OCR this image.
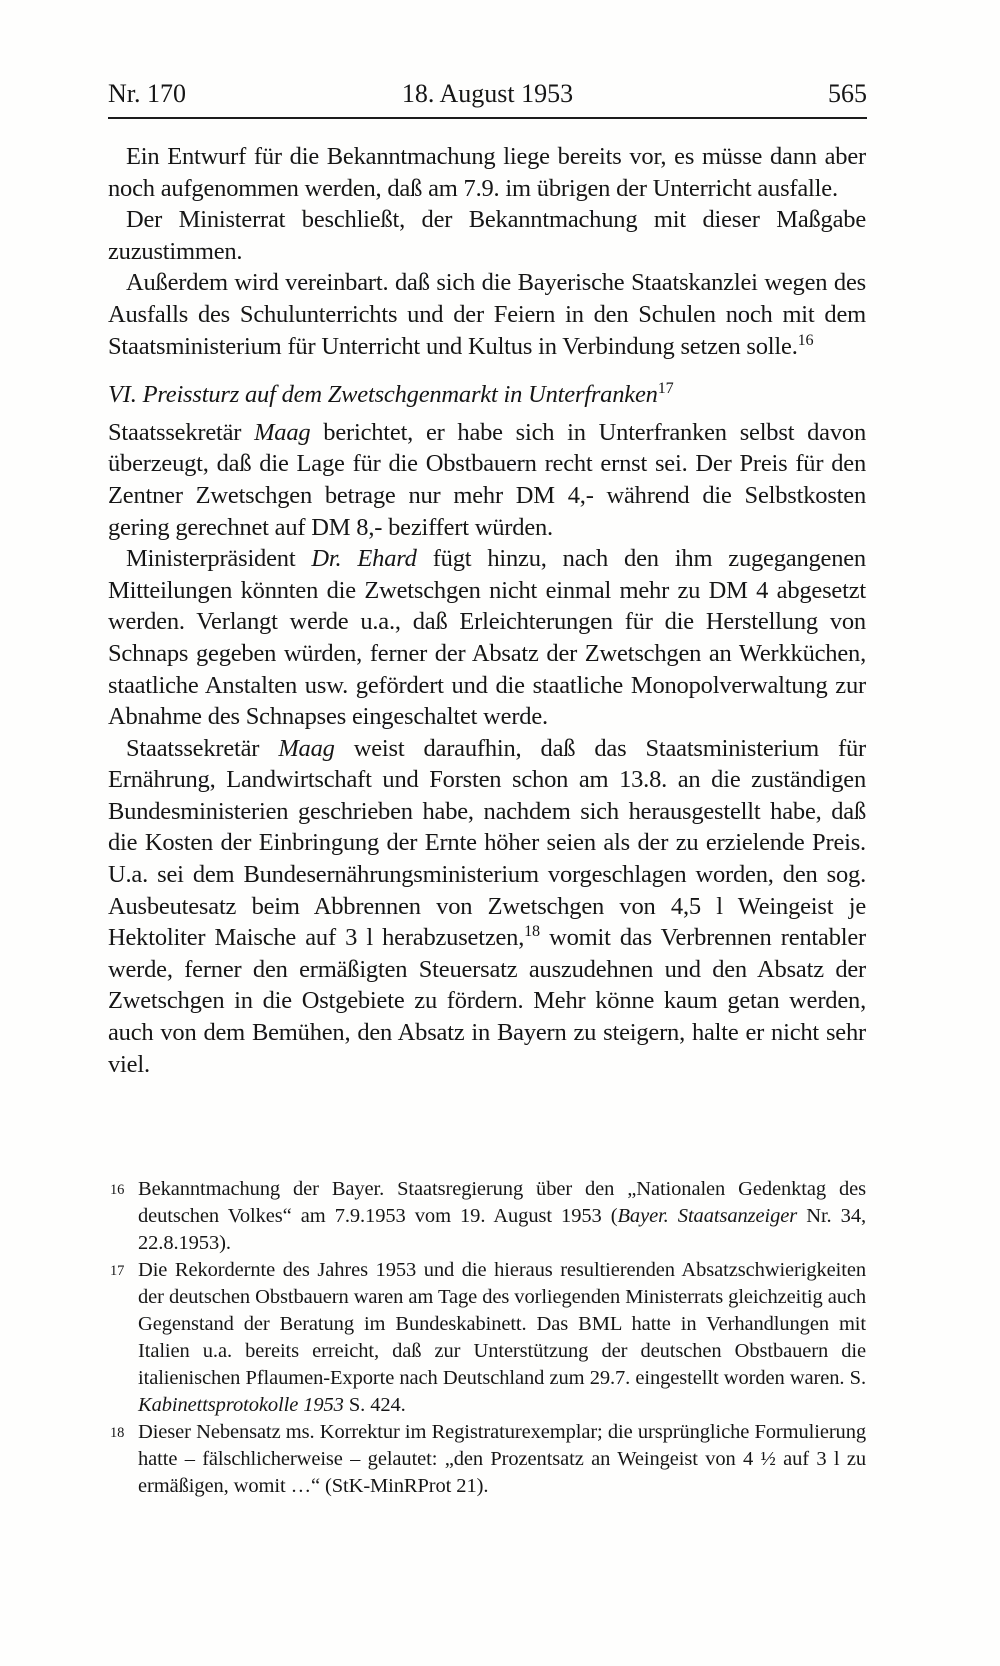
Nr. 170	18. August 1953	565

Ein Entwurf für die Bekanntmachung liege bereits vor, es müsse dann aber noch aufgenommen werden, daß am 7.9. im übrigen der Unterricht ausfalle.

Der Ministerrat beschließt, der Bekanntmachung mit dieser Maßgabe zuzustimmen.

Außerdem wird vereinbart. daß sich die Bayerische Staatskanzlei wegen des Ausfalls des Schulunterrichts und der Feiern in den Schulen noch mit dem Staatsministerium für Unterricht und Kultus in Verbindung setzen solle.$^{16}$

VI. Preissturz auf dem Zwetschgenmarkt in Unterfranken$^{17}$

Staatssekretär Maag berichtet, er habe sich in Unterfranken selbst davon überzeugt, daß die Lage für die Obstbauern recht ernst sei. Der Preis für den Zentner Zwetschgen betrage nur mehr DM 4,- während die Selbstkosten gering gerechnet auf DM 8,- beziffert würden.

Ministerpräsident Dr. Ehard fügt hinzu, nach den ihm zugegangenen Mitteilungen könnten die Zwetschgen nicht einmal mehr zu DM 4 abgesetzt werden. Verlangt werde u.a., daß Erleichterungen für die Herstellung von Schnaps gegeben würden, ferner der Absatz der Zwetschgen an Werkküchen, staatliche Anstalten usw. gefördert und die staatliche Monopolverwaltung zur Abnahme des Schnapses eingeschaltet werde.

Staatssekretär Maag weist daraufhin, daß das Staatsministerium für Ernährung, Landwirtschaft und Forsten schon am 13.8. an die zuständigen Bundesministerien geschrieben habe, nachdem sich herausgestellt habe, daß die Kosten der Einbringung der Ernte höher seien als der zu erzielende Preis. U.a. sei dem Bundesernährungsministerium vorgeschlagen worden, den sog. Ausbeutesatz beim Abbrennen von Zwetschgen von 4,5 l Weingeist je Hektoliter Maische auf 3 l herabzusetzen,$^{18}$ womit das Verbrennen rentabler werde, ferner den ermäßigten Steuersatz auszudehnen und den Absatz der Zwetschgen in die Ostgebiete zu fördern. Mehr könne kaum getan werden, auch von dem Bemühen, den Absatz in Bayern zu steigern, halte er nicht sehr viel.

16 Bekanntmachung der Bayer. Staatsregierung über den „Nationalen Gedenktag des deutschen Volkes“ am 7.9.1953 vom 19. August 1953 (Bayer. Staatsanzeiger Nr. 34, 22.8.1953).

17 Die Rekordernte des Jahres 1953 und die hieraus resultierenden Absatzschwierigkeiten der deutschen Obstbauern waren am Tage des vorliegenden Ministerrats gleichzeitig auch Gegenstand der Beratung im Bundeskabinett. Das BML hatte in Verhandlungen mit Italien u.a. bereits erreicht, daß zur Unterstützung der deutschen Obstbauern die italienischen Pflaumen-Exporte nach Deutschland zum 29.7. eingestellt worden waren. S. Kabinettsprotokolle 1953 S. 424.

18 Dieser Nebensatz ms. Korrektur im Registraturexemplar; die ursprüngliche Formulierung hatte – fälschlicherweise – gelautet: „den Prozentsatz an Weingeist von 4 ½ auf 3 l zu ermäßigen, womit …“ (StK-MinRProt 21).
